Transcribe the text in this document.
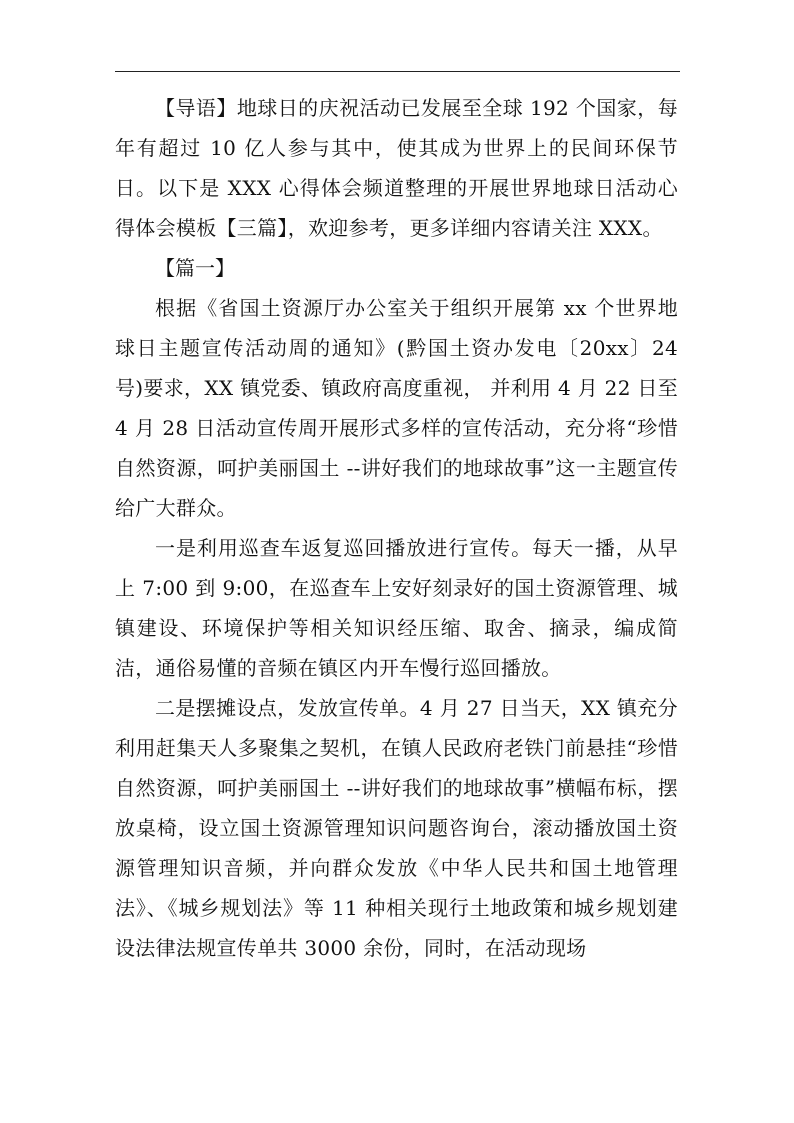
【导语】地球日的庆祝活动已发展至全球 192 个国家，每年有超过 10 亿人参与其中，使其成为世界上的民间环保节日。以下是 XXX 心得体会频道整理的开展世界地球日活动心得体会模板【三篇】，欢迎参考，更多详细内容请关注 XXX。

【篇一】

根据《省国土资源厅办公室关于组织开展第 xx 个世界地球日主题宣传活动周的通知》(黔国土资办发电〔20xx〕24 号)要求，XX 镇党委、镇政府高度重视， 并利用 4 月 22 日至 4 月 28 日活动宣传周开展形式多样的宣传活动，充分将“珍惜自然资源，呵护美丽国土 --讲好我们的地球故事”这一主题宣传给广大群众。

一是利用巡查车返复巡回播放进行宣传。每天一播，从早上 7:00 到 9:00，在巡查车上安好刻录好的国土资源管理、城镇建设、环境保护等相关知识经压缩、取舍、摘录，编成简洁，通俗易懂的音频在镇区内开车慢行巡回播放。

二是摆摊设点，发放宣传单。4 月 27 日当天，XX 镇充分利用赶集天人多聚集之契机，在镇人民政府老铁门前悬挂“珍惜自然资源，呵护美丽国土 --讲好我们的地球故事”横幅布标，摆放桌椅，设立国土资源管理知识问题咨询台，滚动播放国土资源管理知识音频，并向群众发放《中华人民共和国土地管理法》、《城乡规划法》等 11 种相关现行土地政策和城乡规划建设法律法规宣传单共 3000 余份，同时，在活动现场
